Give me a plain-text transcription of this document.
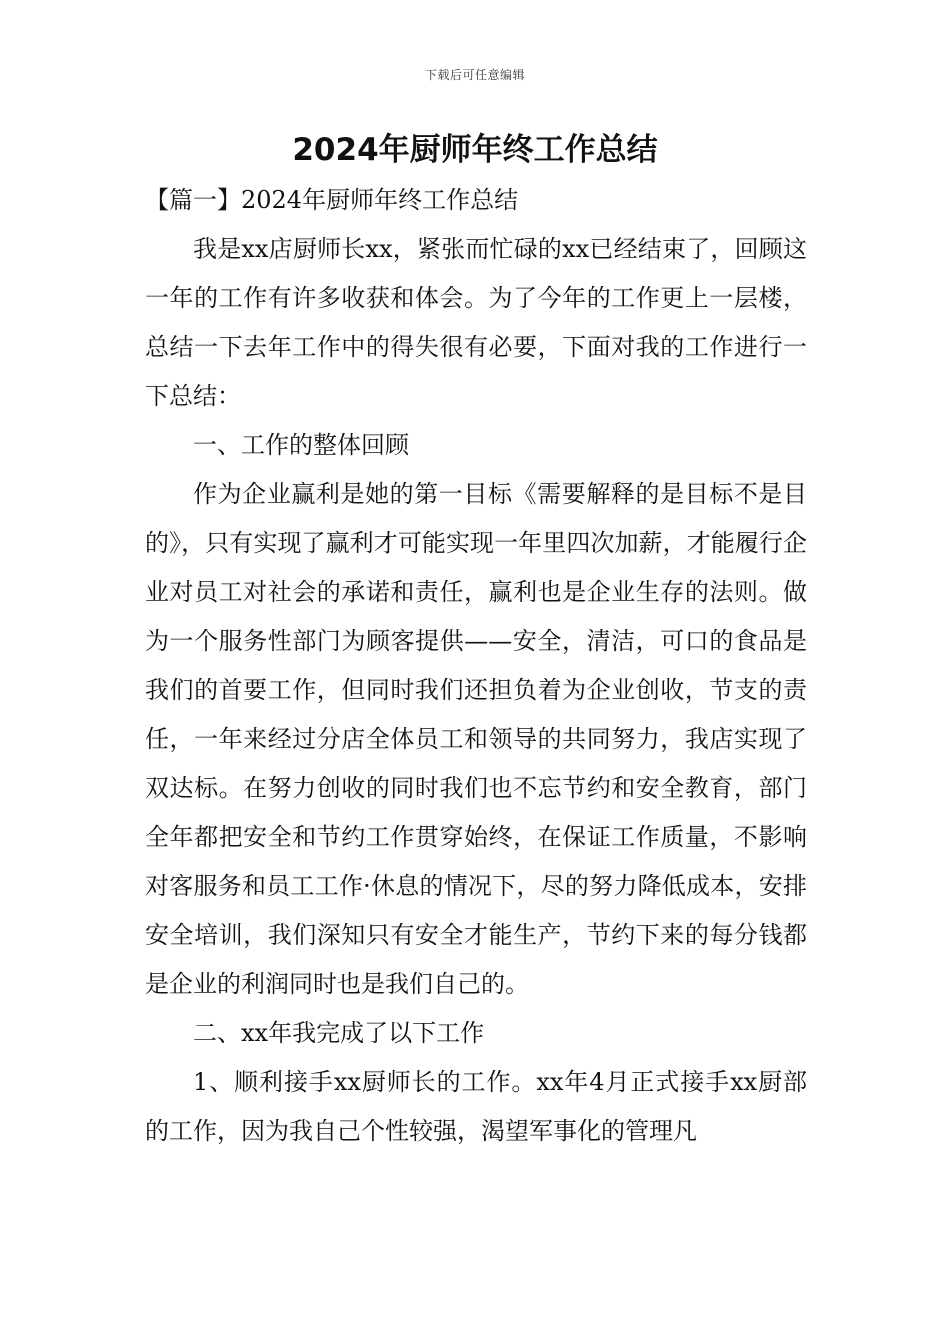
下载后可任意编辑
2024年厨师年终工作总结

【篇一】2024年厨师年终工作总结

我是xx店厨师长xx，紧张而忙碌的xx已经结束了，回顾这一年的工作有许多收获和体会。为了今年的工作更上一层楼，总结一下去年工作中的得失很有必要，下面对我的工作进行一下总结：

一、工作的整体回顾

作为企业赢利是她的第一目标《需要解释的是目标不是目的》，只有实现了赢利才可能实现一年里四次加薪，才能履行企业对员工对社会的承诺和责任，赢利也是企业生存的法则。做为一个服务性部门为顾客提供——安全，清洁，可口的食品是我们的首要工作，但同时我们还担负着为企业创收，节支的责任，一年来经过分店全体员工和领导的共同努力，我店实现了双达标。在努力创收的同时我们也不忘节约和安全教育，部门全年都把安全和节约工作贯穿始终，在保证工作质量，不影响对客服务和员工工作·休息的情况下，尽的努力降低成本，安排安全培训，我们深知只有安全才能生产，节约下来的每分钱都是企业的利润同时也是我们自己的。

二、xx年我完成了以下工作

1、顺利接手xx厨师长的工作。xx年4月正式接手xx厨部的工作，因为我自己个性较强，渴望军事化的管理凡
